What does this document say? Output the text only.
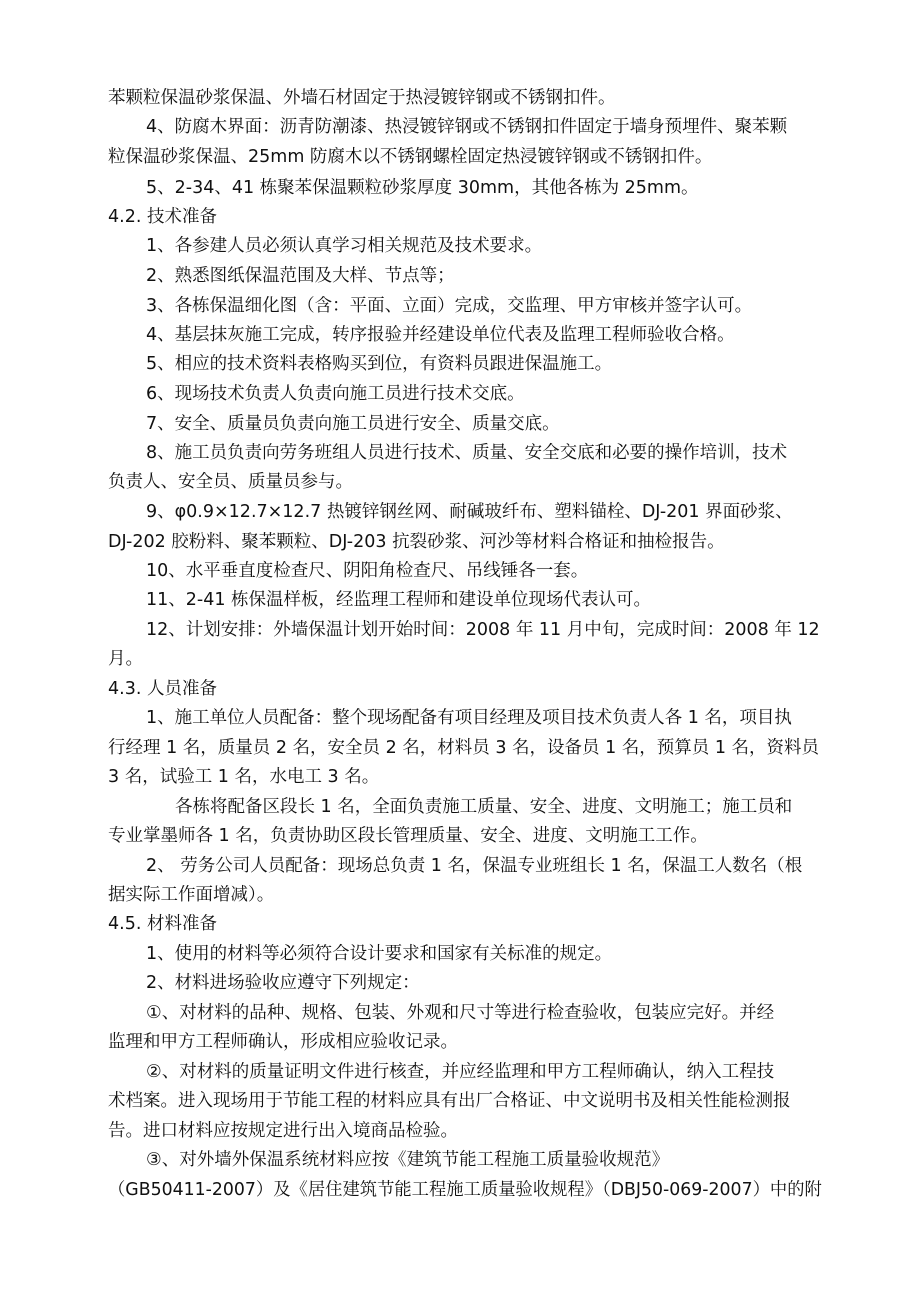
苯颗粒保温砂浆保温、外墙石材固定于热浸镀锌钢或不锈钢扣件。
4、防腐木界面：沥青防潮漆、热浸镀锌钢或不锈钢扣件固定于墙身预埋件、聚苯颗
粒保温砂浆保温、25mm 防腐木以不锈钢螺栓固定热浸镀锌钢或不锈钢扣件。
5、2-34、41 栋聚苯保温颗粒砂浆厚度 30mm，其他各栋为 25mm。
4.2. 技术准备
1、各参建人员必须认真学习相关规范及技术要求。
2、熟悉图纸保温范围及大样、节点等；
3、各栋保温细化图（含：平面、立面）完成，交监理、甲方审核并签字认可。
4、基层抹灰施工完成，转序报验并经建设单位代表及监理工程师验收合格。
5、相应的技术资料表格购买到位，有资料员跟进保温施工。
6、现场技术负责人负责向施工员进行技术交底。
7、安全、质量员负责向施工员进行安全、质量交底。
8、施工员负责向劳务班组人员进行技术、质量、安全交底和必要的操作培训，技术
负责人、安全员、质量员参与。
9、φ0.9×12.7×12.7 热镀锌钢丝网、耐碱玻纤布、塑料锚栓、DJ-201 界面砂浆、
DJ-202 胶粉料、聚苯颗粒、DJ-203 抗裂砂浆、河沙等材料合格证和抽检报告。
10、水平垂直度检查尺、阴阳角检查尺、吊线锤各一套。
11、2-41 栋保温样板，经监理工程师和建设单位现场代表认可。
12、计划安排：外墙保温计划开始时间：2008 年 11 月中旬，完成时间：2008 年 12
月。
4.3. 人员准备
1、施工单位人员配备：整个现场配备有项目经理及项目技术负责人各 1 名，项目执
行经理 1 名，质量员 2 名，安全员 2 名，材料员 3 名，设备员 1 名，预算员 1 名，资料员
3 名，试验工 1 名，水电工 3 名。
各栋将配备区段长 1 名，全面负责施工质量、安全、进度、文明施工；施工员和
专业掌墨师各 1 名，负责协助区段长管理质量、安全、进度、文明施工工作。
2、 劳务公司人员配备：现场总负责 1 名，保温专业班组长 1 名，保温工人数名（根
据实际工作面增减）。
4.5. 材料准备
1、使用的材料等必须符合设计要求和国家有关标准的规定。
2、材料进场验收应遵守下列规定：
①、对材料的品种、规格、包装、外观和尺寸等进行检查验收，包装应完好。并经
监理和甲方工程师确认，形成相应验收记录。
②、对材料的质量证明文件进行核查，并应经监理和甲方工程师确认，纳入工程技
术档案。进入现场用于节能工程的材料应具有出厂合格证、中文说明书及相关性能检测报
告。进口材料应按规定进行出入境商品检验。
③、对外墙外保温系统材料应按《建筑节能工程施工质量验收规范》
（GB50411-2007）及《居住建筑节能工程施工质量验收规程》（DBJ50-069-2007）中的附
